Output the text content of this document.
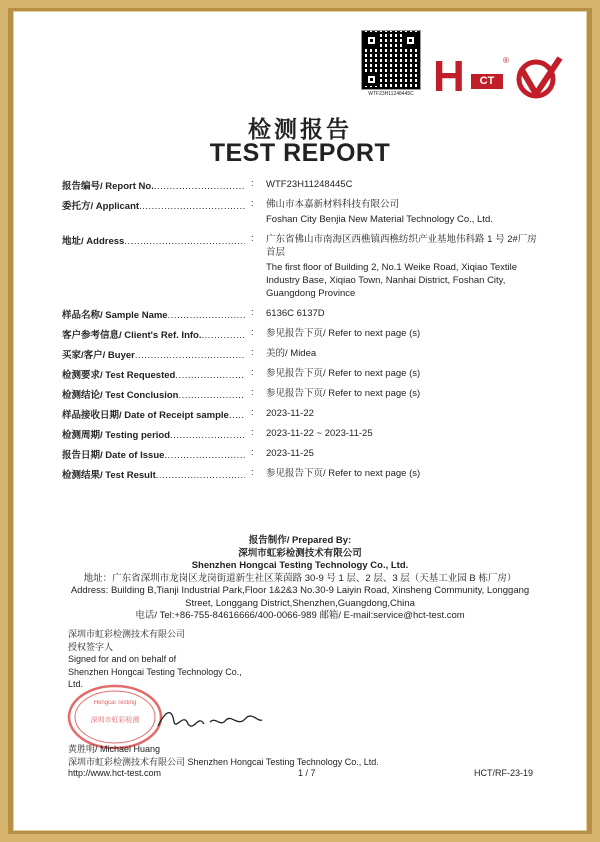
WTF23H11248445C H	CT
®
检测报告
TEST REPORT
报告编号/ Report No. .....	: WTF23H11248445C
委托方/ Applicant .....	: 佛山市本嘉新材料科技有限公司
Foshan City Benjia New Material Technology Co., Ltd.
地址/ Address .....	: 广东省佛山市南海区西樵镇西樵纺织产业基地伟科路 1 号 2#厂房首层
The first floor of Building 2, No.1 Weike Road, Xiqiao Textile Industry Base, Xiqiao Town, Nanhai District, Foshan City, Guangdong Province
样品名称/ Sample Name .....	: 6136C 6137D
客户参考信息/ Client's Ref. Info. .....	: 参见报告下页/ Refer to next page (s)
买家/客户/ Buyer .....	: 美的/ Midea
检测要求/ Test Requested .....	: 参见报告下页/ Refer to next page (s)
检测结论/ Test Conclusion .....	: 参见报告下页/ Refer to next page (s)
样品接收日期/ Date of Receipt sample .....	: 2023-11-22
检测周期/ Testing period .....	: 2023-11-22 ~ 2023-11-25
报告日期/ Date of Issue .....	: 2023-11-25
检测结果/ Test Result .....	: 参见报告下页/ Refer to next page (s)
报告制作/ Prepared By:
深圳市虹彩检测技术有限公司
Shenzhen Hongcai Testing Technology Co., Ltd.
地址：广东省深圳市龙岗区龙岗街道新生社区莱茵路 30-9 号 1 层、2 层、3 层（天基工业园 B 栋厂房）
Address: Building B,Tianji Industrial Park,Floor 1&2&3 No.30-9 Laiyin Road, Xinsheng Community, Longgang Street, Longgang District,Shenzhen,Guangdong,China
电话/ Tel:+86-755-84616666/400-0066-989 邮箱/ E-mail:service@hct-test.com
深圳市虹彩检测技术有限公司
授权签字人
Signed for and on behalf of
Shenzhen Hongcai Testing Technology Co.,
Ltd.
Hongcai Testing
深圳市虹彩检测
黄胜明/ Michael Huang
深圳市虹彩检测技术有限公司 Shenzhen Hongcai Testing Technology Co., Ltd.
http://www.hct-test.com	1 / 7	HCT/RF-23-19
